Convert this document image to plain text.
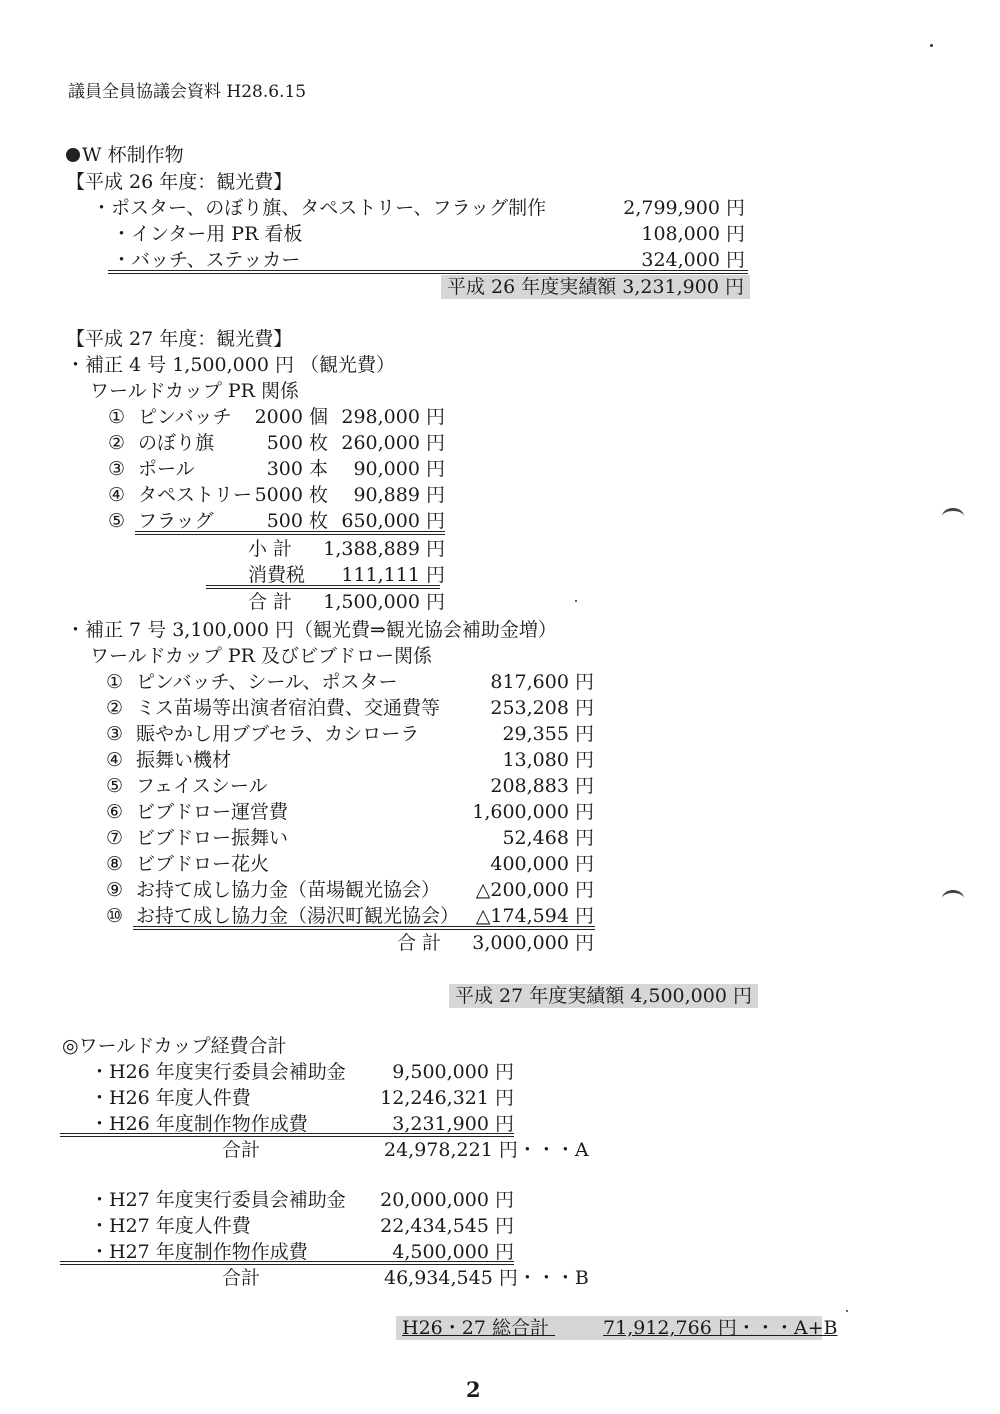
議員全員協議会資料 H28.6.15
W 杯制作物
【平成 26 年度：観光費】
・ポスター、のぼり旗、タペストリー、フラッグ制作	2,799,900 円
・インター用 PR 看板	108,000 円
・バッチ、ステッカー	324,000 円
平成 26 年度実績額 3,231,900 円
【平成 27 年度：観光費】
・補正 4 号 1,500,000 円 （観光費）
ワールドカップ PR 関係
① ピンバッチ 2000 個 298,000 円
② のぼり旗	500 枚 260,000 円
③ ポール	300 本 90,000 円
④ タペストリー 5000 枚 90,889 円
⑤ フラッグ	500 枚 650,000 円
小 計 1,388,889 円
消費税 111,111 円
合 計 1,500,000 円
・補正 7 号 3,100,000 円（観光費⇒観光協会補助金増）
ワールドカップ PR 及びビブドロー関係
① ピンバッチ、シール、ポスター	817,600 円
② ミス苗場等出演者宿泊費、交通費等	253,208 円
③ 賑やかし用ブブセラ、カシローラ	29,355 円
④ 振舞い機材	13,080 円
⑤ フェイスシール	208,883 円
⑥ ビブドロー運営費	1,600,000 円
⑦ ビブドロー振舞い	52,468 円
⑧ ビブドロー花火	400,000 円
⑨ お持て成し協力金（苗場観光協会） △200,000 円
⑩ お持て成し協力金（湯沢町観光協会） △174,594 円
合 計 3,000,000 円
平成 27 年度実績額 4,500,000 円
◎ワールドカップ経費合計
・H26 年度実行委員会補助金 9,500,000 円
・H26 年度人件費	12,246,321 円
・H26 年度制作物作成費	3,231,900 円
合計	24,978,221 円・・・A
・H27 年度実行委員会補助金 20,000,000 円
・H27 年度人件費	22,434,545 円
・H27 年度制作物作成費	4,500,000 円
合計	46,934,545 円・・・B
H26・27 総合計	71,912,766 円・・・A+B
2
